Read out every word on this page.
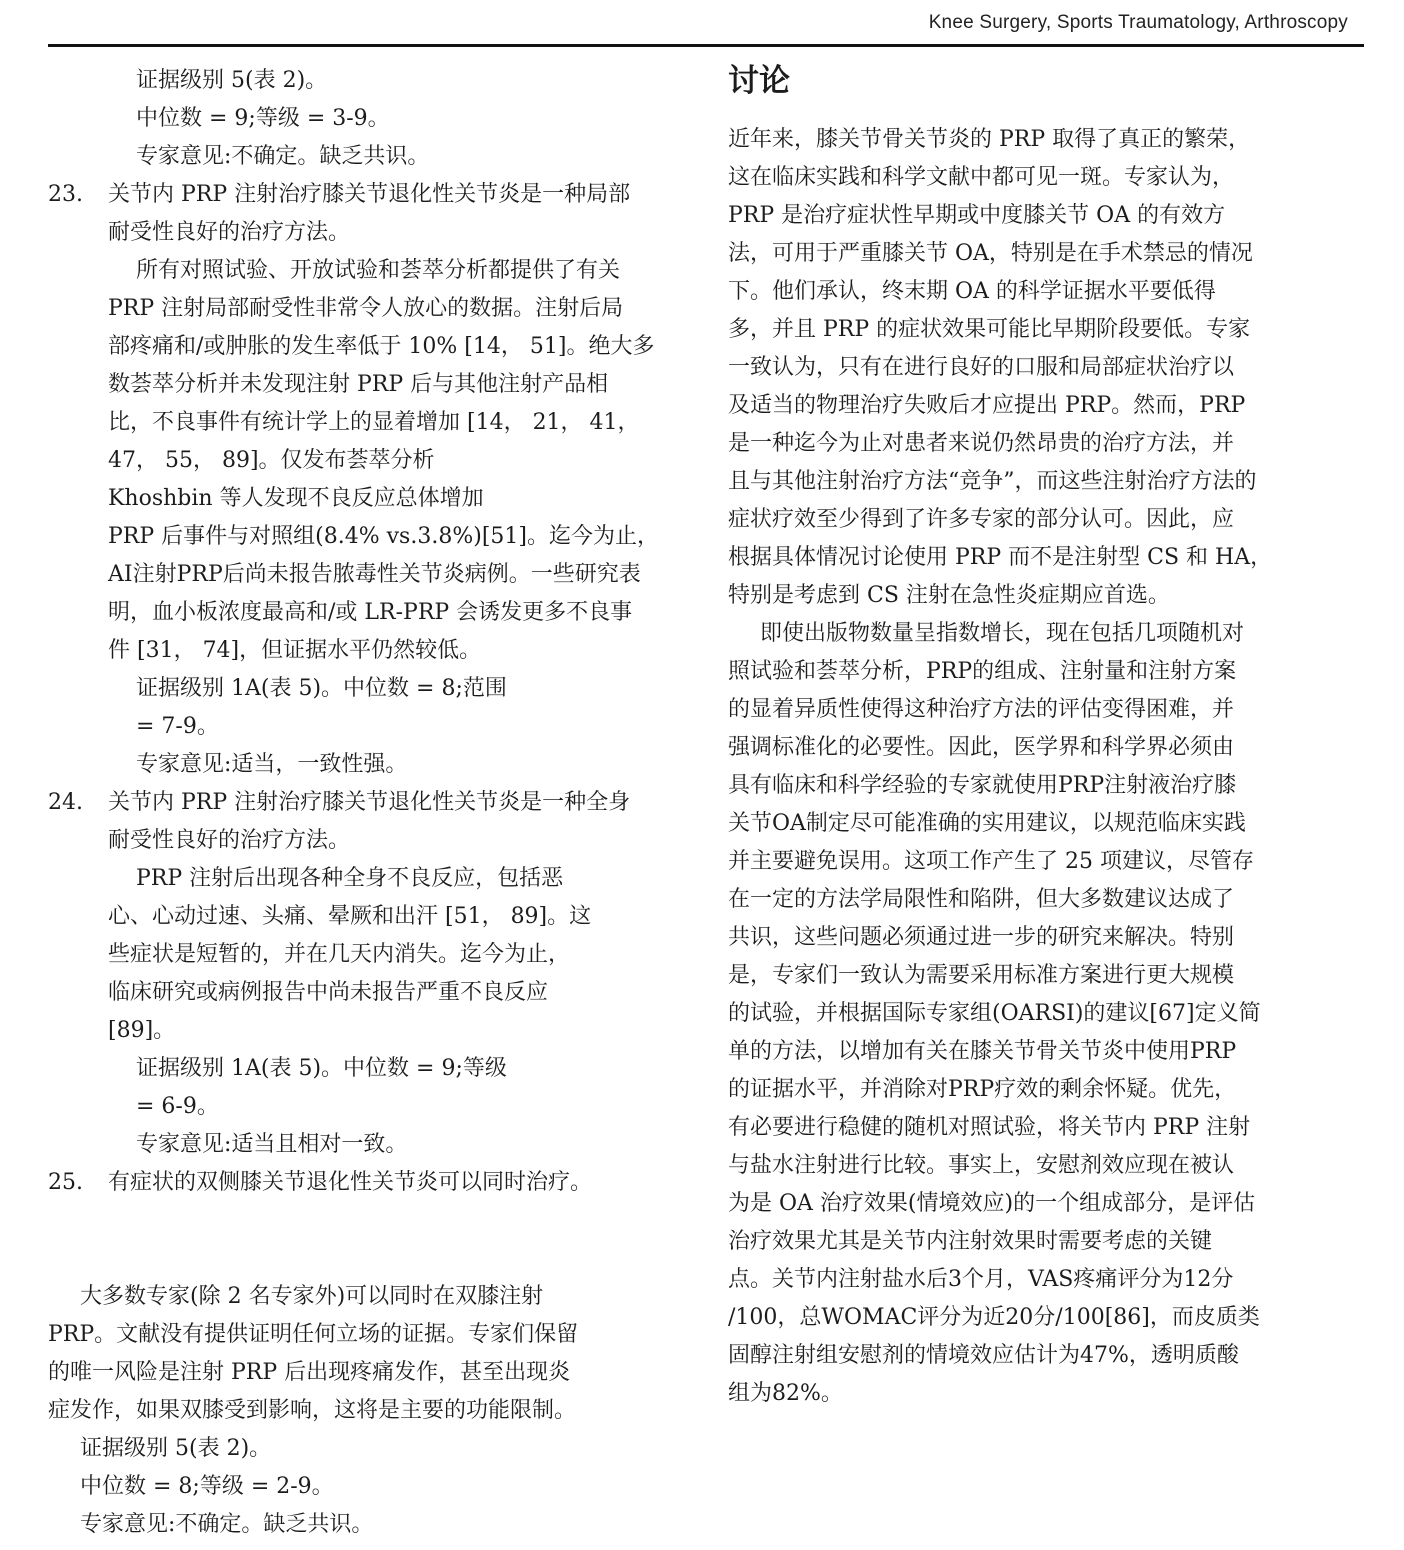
Knee Surgery, Sports Traumatology, Arthroscopy
证据级别 5(表 2)。
中位数 = 9;等级 = 3-9。
专家意见:不确定。缺乏共识。
23. 关节内 PRP 注射治疗膝关节退化性关节炎是一种局部
耐受性良好的治疗方法。
所有对照试验、开放试验和荟萃分析都提供了有关
PRP 注射局部耐受性非常令人放心的数据。注射后局
部疼痛和/或肿胀的发生率低于 10% [14， 51]。绝大多
数荟萃分析并未发现注射 PRP 后与其他注射产品相
比，不良事件有统计学上的显着增加 [14， 21， 41，
47， 55， 89]。仅发布荟萃分析
Khoshbin 等人发现不良反应总体增加
PRP 后事件与对照组(8.4% vs.3.8%)[51]。迄今为止，
AI注射PRP后尚未报告脓毒性关节炎病例。一些研究表
明，血小板浓度最高和/或 LR-PRP 会诱发更多不良事
件 [31， 74]，但证据水平仍然较低。
证据级别 1A(表 5)。中位数 = 8;范围
= 7-9。
专家意见:适当，一致性强。
24. 关节内 PRP 注射治疗膝关节退化性关节炎是一种全身
耐受性良好的治疗方法。
PRP 注射后出现各种全身不良反应，包括恶
心、心动过速、头痛、晕厥和出汗 [51， 89]。这
些症状是短暂的，并在几天内消失。迄今为止，
临床研究或病例报告中尚未报告严重不良反应
[89]。
证据级别 1A(表 5)。中位数 = 9;等级
= 6-9。
专家意见:适当且相对一致。
25. 有症状的双侧膝关节退化性关节炎可以同时治疗。
大多数专家(除 2 名专家外)可以同时在双膝注射
PRP。文献没有提供证明任何立场的证据。专家们保留
的唯一风险是注射 PRP 后出现疼痛发作，甚至出现炎
症发作，如果双膝受到影响，这将是主要的功能限制。
证据级别 5(表 2)。
中位数 = 8;等级 = 2-9。
专家意见:不确定。缺乏共识。
讨论
近年来，膝关节骨关节炎的 PRP 取得了真正的繁荣，
这在临床实践和科学文献中都可见一斑。专家认为，
PRP 是治疗症状性早期或中度膝关节 OA 的有效方
法，可用于严重膝关节 OA，特别是在手术禁忌的情况
下。他们承认，终末期 OA 的科学证据水平要低得
多，并且 PRP 的症状效果可能比早期阶段要低。专家
一致认为，只有在进行良好的口服和局部症状治疗以
及适当的物理治疗失败后才应提出 PRP。然而，PRP
是一种迄今为止对患者来说仍然昂贵的治疗方法，并
且与其他注射治疗方法“竞争”，而这些注射治疗方法的
症状疗效至少得到了许多专家的部分认可。因此，应
根据具体情况讨论使用 PRP 而不是注射型 CS 和 HA，
特别是考虑到 CS 注射在急性炎症期应首选。
即使出版物数量呈指数增长，现在包括几项随机对
照试验和荟萃分析，PRP的组成、注射量和注射方案
的显着异质性使得这种治疗方法的评估变得困难，并
强调标准化的必要性。因此，医学界和科学界必须由
具有临床和科学经验的专家就使用PRP注射液治疗膝
关节OA制定尽可能准确的实用建议，以规范临床实践
并主要避免误用。这项工作产生了 25 项建议，尽管存
在一定的方法学局限性和陷阱，但大多数建议达成了
共识，这些问题必须通过进一步的研究来解决。特别
是，专家们一致认为需要采用标准方案进行更大规模
的试验，并根据国际专家组(OARSI)的建议[67]定义简
单的方法，以增加有关在膝关节骨关节炎中使用PRP
的证据水平，并消除对PRP疗效的剩余怀疑。优先，
有必要进行稳健的随机对照试验，将关节内 PRP 注射
与盐水注射进行比较。事实上，安慰剂效应现在被认
为是 OA 治疗效果(情境效应)的一个组成部分，是评估
治疗效果尤其是关节内注射效果时需要考虑的关键
点。关节内注射盐水后3个月，VAS疼痛评分为12分
/100，总WOMAC评分为近20分/100[86]，而皮质类
固醇注射组安慰剂的情境效应估计为47%，透明质酸
组为82%。
